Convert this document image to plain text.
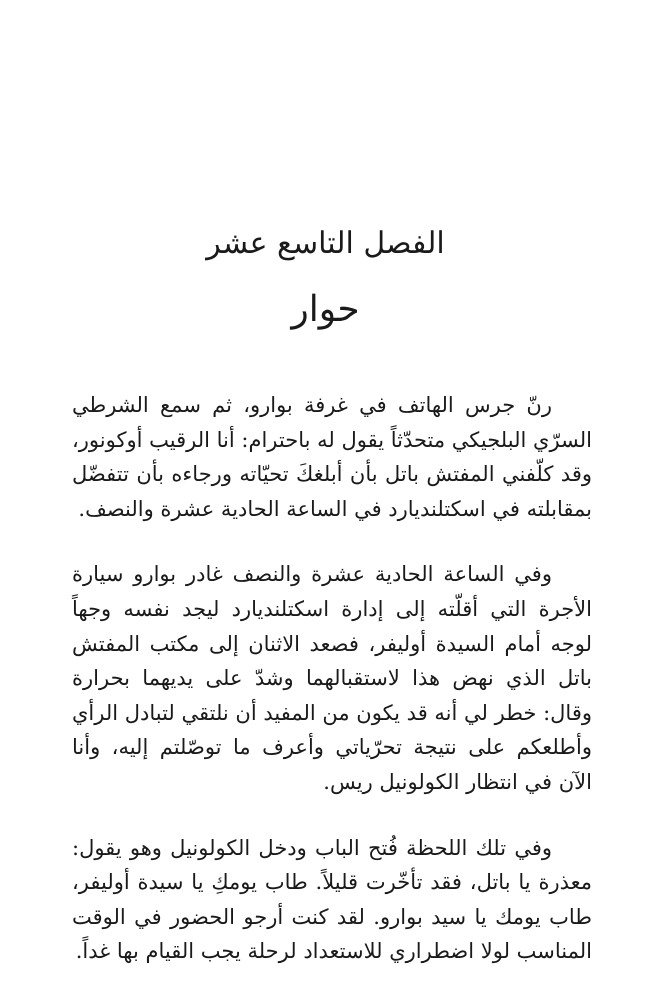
الفصل التاسع عشر
حوار

رنّ جرس الهاتف في غرفة بوارو، ثم سمع الشرطي
السرّي البلجيكي متحدّثاً يقول له باحترام: أنا الرقيب أوكونور،
وقد كلّفني المفتش باتل بأن أبلغكَ تحيّاته ورجاءه بأن تتفضّل
بمقابلته في اسكتلنديارد في الساعة الحادية عشرة والنصف.

وفي الساعة الحادية عشرة والنصف غادر بوارو سيارة
الأجرة التي أقلّته إلى إدارة اسكتلنديارد ليجد نفسه وجهاً
لوجه أمام السيدة أوليفر، فصعد الاثنان إلى مكتب المفتش
باتل الذي نهض هذا لاستقبالهما وشدّ على يديهما بحرارة
وقال: خطر لي أنه قد يكون من المفيد أن نلتقي لتبادل الرأي
وأطلعكم على نتيجة تحرّياتي وأعرف ما توصّلتم إليه، وأنا
الآن في انتظار الكولونيل ريس.

وفي تلك اللحظة فُتح الباب ودخل الكولونيل وهو يقول:
معذرة يا باتل، فقد تأخّرت قليلاً. طاب يومكِ يا سيدة أوليفر،
طاب يومك يا سيد بوارو. لقد كنت أرجو الحضور في الوقت
المناسب لولا اضطراري للاستعداد لرحلة يجب القيام بها غداً.
